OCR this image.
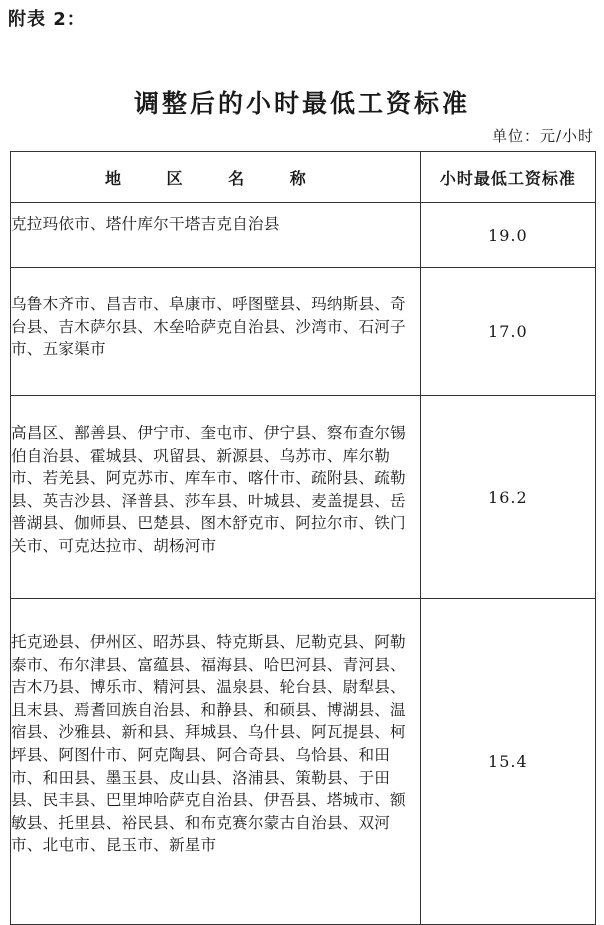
附表 2：
调整后的小时最低工资标准
单位：元/小时
地 区 名 称	小时最低工资标准
克拉玛依市、塔什库尔干塔吉克自治县	19.0
乌鲁木齐市、昌吉市、阜康市、呼图壁县、玛纳斯县、奇台县、吉木萨尔县、木垒哈萨克自治县、沙湾市、石河子市、五家渠市	17.0
高昌区、鄯善县、伊宁市、奎屯市、伊宁县、察布查尔锡伯自治县、霍城县、巩留县、新源县、乌苏市、库尔勒市、若羌县、阿克苏市、库车市、喀什市、疏附县、疏勒县、英吉沙县、泽普县、莎车县、叶城县、麦盖提县、岳普湖县、伽师县、巴楚县、图木舒克市、阿拉尔市、铁门关市、可克达拉市、胡杨河市	16.2
托克逊县、伊州区、昭苏县、特克斯县、尼勒克县、阿勒泰市、布尔津县、富蕴县、福海县、哈巴河县、青河县、吉木乃县、博乐市、精河县、温泉县、轮台县、尉犁县、且末县、焉耆回族自治县、和静县、和硕县、博湖县、温宿县、沙雅县、新和县、拜城县、乌什县、阿瓦提县、柯坪县、阿图什市、阿克陶县、阿合奇县、乌恰县、和田市、和田县、墨玉县、皮山县、洛浦县、策勒县、于田县、民丰县、巴里坤哈萨克自治县、伊吾县、塔城市、额敏县、托里县、裕民县、和布克赛尔蒙古自治县、双河市、北屯市、昆玉市、新星市	15.4
